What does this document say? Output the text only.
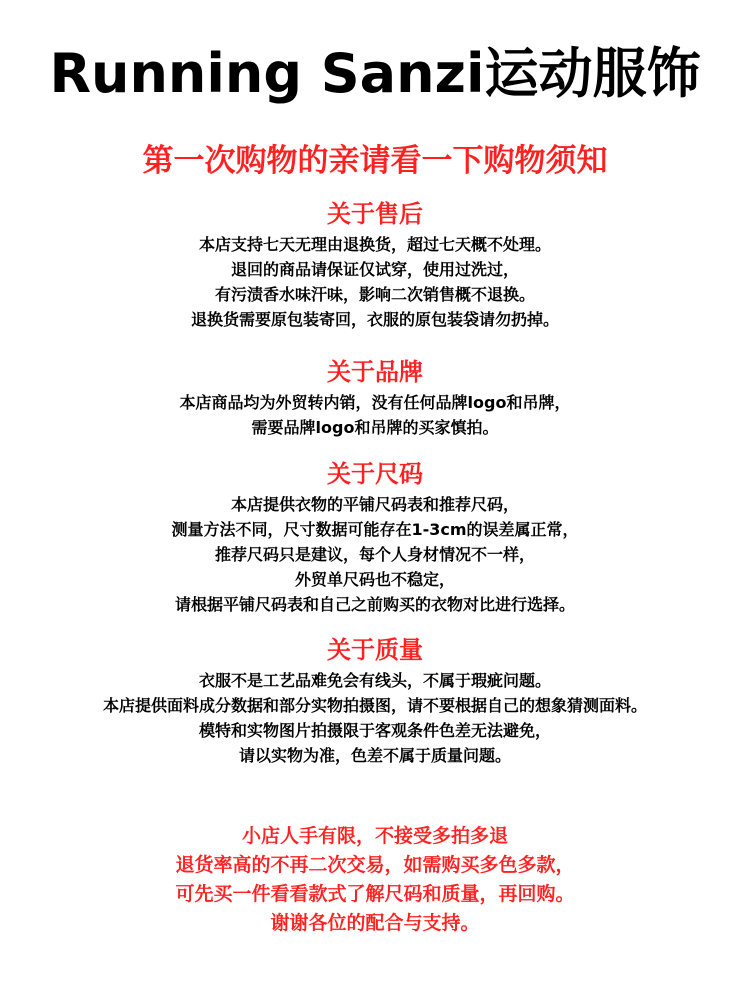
Running Sanzi运动服饰
第一次购物的亲请看一下购物须知
关于售后
本店支持七天无理由退换货，超过七天概不处理。
退回的商品请保证仅试穿，使用过洗过，
有污渍香水味汗味，影响二次销售概不退换。
退换货需要原包装寄回，衣服的原包装袋请勿扔掉。
关于品牌
本店商品均为外贸转内销，没有任何品牌logo和吊牌，
需要品牌logo和吊牌的买家慎拍。
关于尺码
本店提供衣物的平铺尺码表和推荐尺码，
测量方法不同，尺寸数据可能存在1-3cm的误差属正常，
推荐尺码只是建议，每个人身材情况不一样，
外贸单尺码也不稳定，
请根据平铺尺码表和自己之前购买的衣物对比进行选择。
关于质量
衣服不是工艺品难免会有线头，不属于瑕疵问题。
本店提供面料成分数据和部分实物拍摄图，请不要根据自己的想象猜测面料。
模特和实物图片拍摄限于客观条件色差无法避免，
请以实物为准，色差不属于质量问题。
小店人手有限，不接受多拍多退
退货率高的不再二次交易，如需购买多色多款，
可先买一件看看款式了解尺码和质量，再回购。
谢谢各位的配合与支持。
